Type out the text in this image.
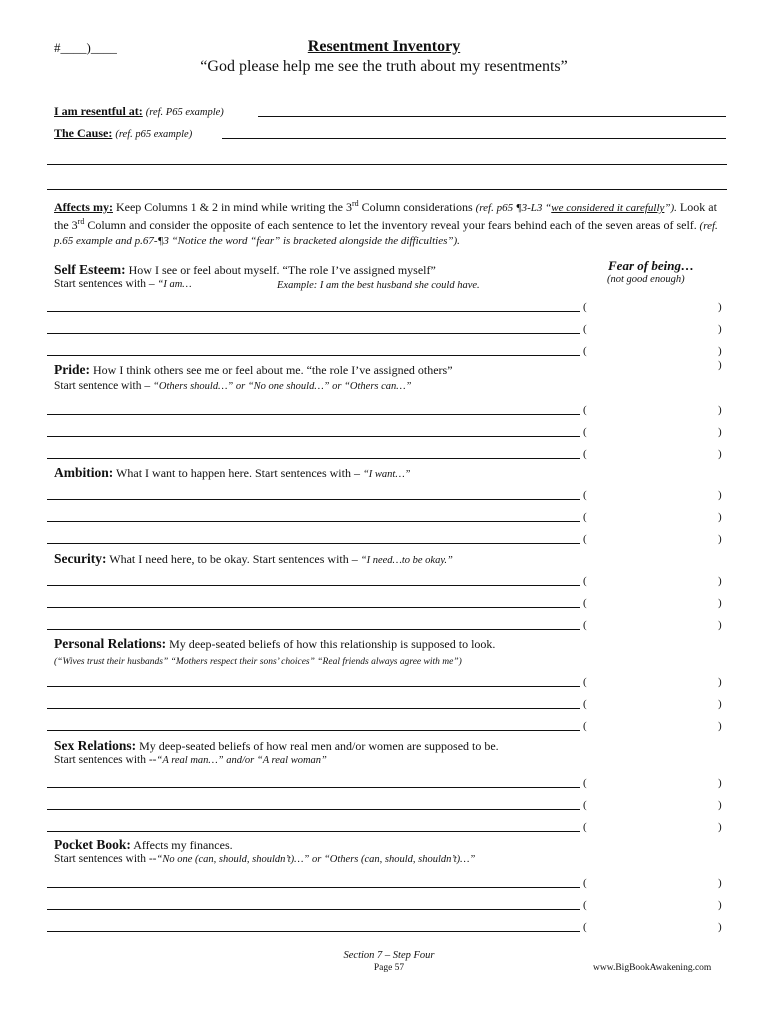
#____)____	Resentment Inventory
“God please help me see the truth about my resentments”
I am resentful at: (ref. P65 example)
The Cause: (ref. p65 example)
Affects my: Keep Columns 1 & 2 in mind while writing the 3rd Column considerations (ref. p65 ¶3-L3 “we considered it carefully”). Look at the 3rd Column and consider the opposite of each sentence to let the inventory reveal your fears behind each of the seven areas of self. (ref. p.65 example and p.67-¶3 “Notice the word “fear” is bracketed alongside the difficulties”).
Fear of being…
(not good enough)
Self Esteem: How I see or feel about myself. “The role I’ve assigned myself”
Start sentences with – “I am…	Example: I am the best husband she could have.
Pride: How I think others see me or feel about me. “the role I’ve assigned others”
Start sentence with – “Others should…” or “No one should…” or “Others can…”
Ambition: What I want to happen here. Start sentences with – “I want…”
Security: What I need here, to be okay. Start sentences with – “I need…to be okay.”
Personal Relations: My deep-seated beliefs of how this relationship is supposed to look.
(“Wives trust their husbands” “Mothers respect their sons’ choices” “Real friends always agree with me”)
Sex Relations: My deep-seated beliefs of how real men and/or women are supposed to be.
Start sentences with --“A real man…” and/or “A real woman”
Pocket Book: Affects my finances.
Start sentences with --“No one (can, should, shouldn’t)…” or “Others (can, should, shouldn’t)…”
(	)
(	)
(	)
(	)
(	)
(	)
(	)
(	)
(	)
(	)
(	)
(	)
(	)
(	)
(	)
(	)
(	)
(	)
(	)
(	)
(	)
)
Section 7 – Step Four
Page 57	www.BigBookAwakening.com
